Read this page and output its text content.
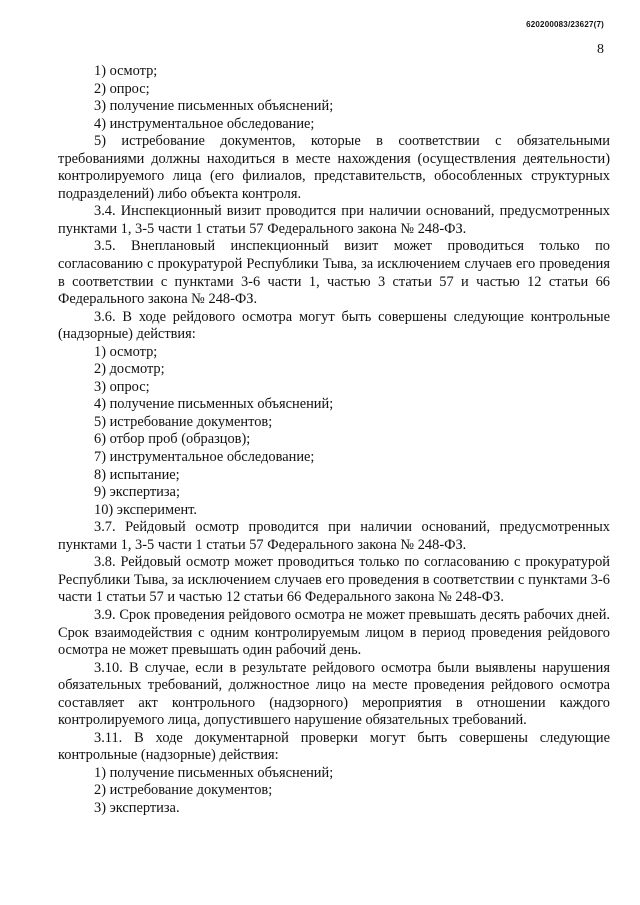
620200083/23627(7)
8

1) осмотр;

2) опрос;

3) получение письменных объяснений;

4) инструментальное обследование;

5) истребование документов, которые в соответствии с обязательными требованиями должны находиться в месте нахождения (осуществления деятельности) контролируемого лица (его филиалов, представительств, обособленных структурных подразделений) либо объекта контроля.

3.4. Инспекционный визит проводится при наличии оснований, предусмотренных пунктами 1, 3-5 части 1 статьи 57 Федерального закона № 248-ФЗ.

3.5. Внеплановый инспекционный визит может проводиться только по согласованию с прокуратурой Республики Тыва, за исключением случаев его проведения в соответствии с пунктами 3-6 части 1, частью 3 статьи 57 и частью 12 статьи 66 Федерального закона № 248-ФЗ.

3.6. В ходе рейдового осмотра могут быть совершены следующие контрольные (надзорные) действия:

1) осмотр;

2) досмотр;

3) опрос;

4) получение письменных объяснений;

5) истребование документов;

6) отбор проб (образцов);

7) инструментальное обследование;

8) испытание;

9) экспертиза;

10) эксперимент.

3.7. Рейдовый осмотр проводится при наличии оснований, предусмотренных пунктами 1, 3-5 части 1 статьи 57 Федерального закона № 248-ФЗ.

3.8. Рейдовый осмотр может проводиться только по согласованию с прокуратурой Республики Тыва, за исключением случаев его проведения в соответствии с пунктами 3-6 части 1 статьи 57 и частью 12 статьи 66 Федерального закона № 248-ФЗ.

3.9. Срок проведения рейдового осмотра не может превышать десять рабочих дней. Срок взаимодействия с одним контролируемым лицом в период проведения рейдового осмотра не может превышать один рабочий день.

3.10. В случае, если в результате рейдового осмотра были выявлены нарушения обязательных требований, должностное лицо на месте проведения рейдового осмотра составляет акт контрольного (надзорного) мероприятия в отношении каждого контролируемого лица, допустившего нарушение обязательных требований.

3.11. В ходе документарной проверки могут быть совершены следующие контрольные (надзорные) действия:

1) получение письменных объяснений;

2) истребование документов;

3) экспертиза.
